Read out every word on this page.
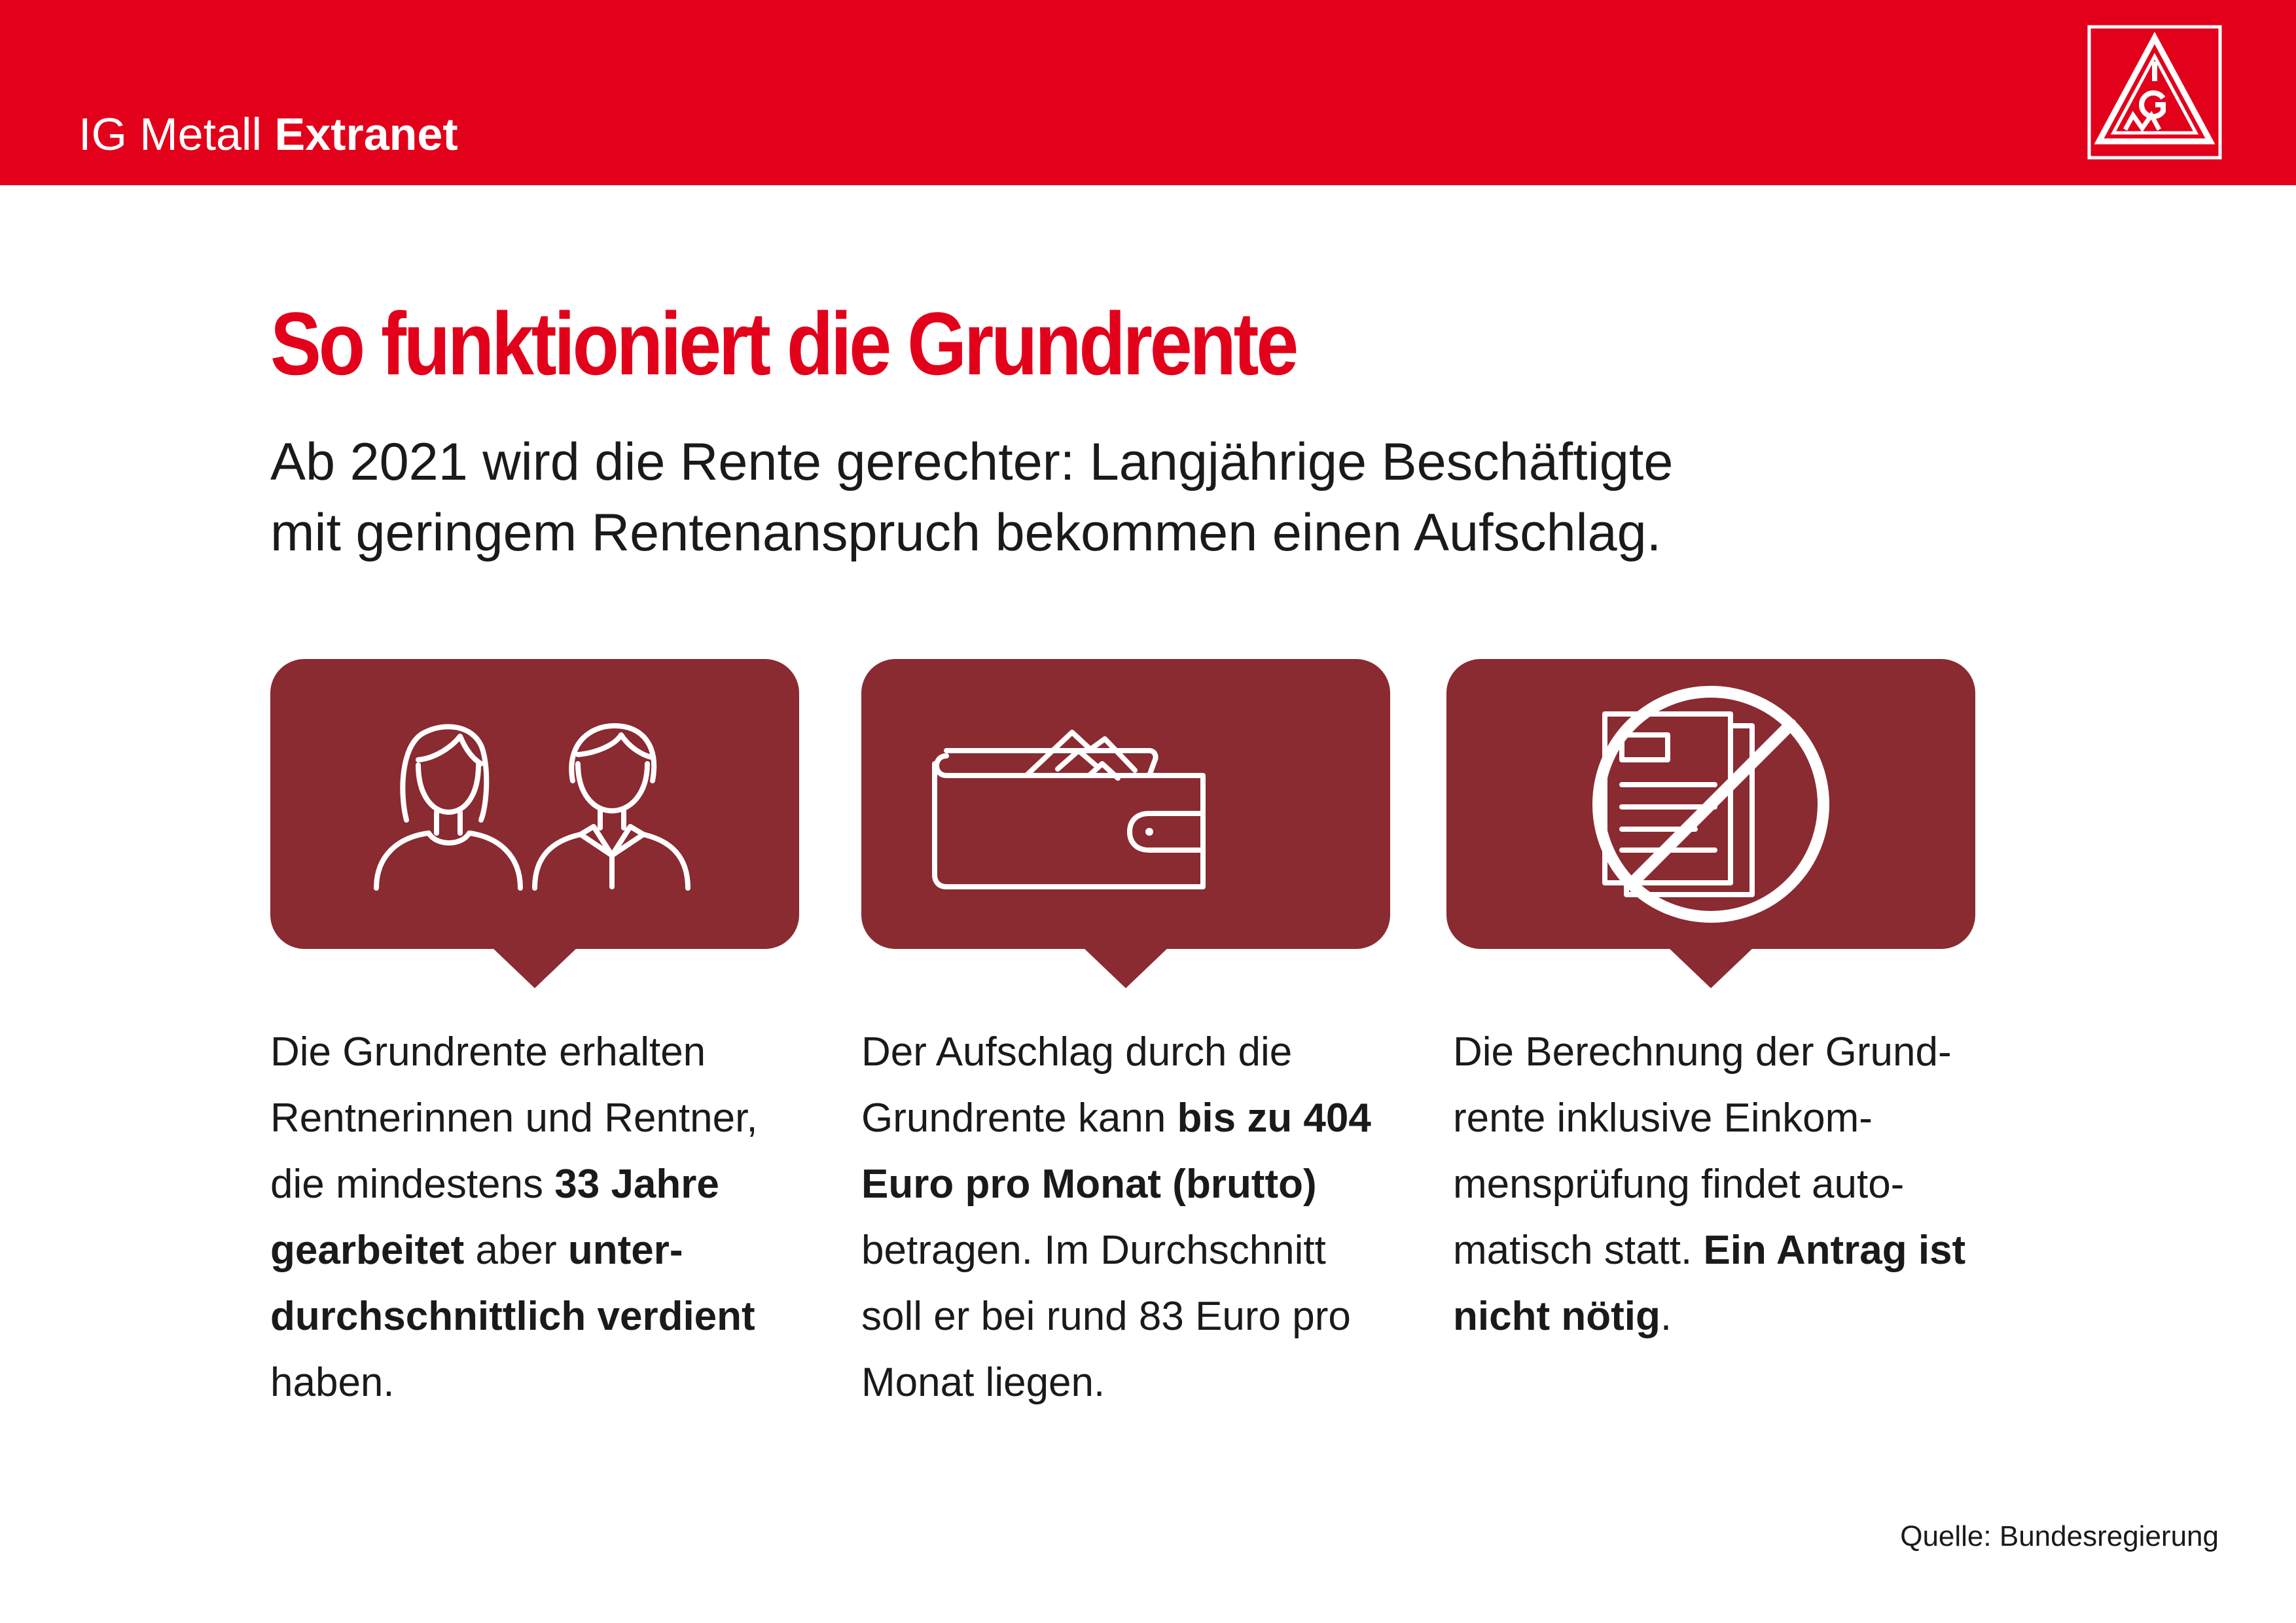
IG Metall Extranet
So funktioniert die Grundrente
Ab 2021 wird die Rente gerechter: Langjährige Beschäftigte
mit geringem Rentenanspruch bekommen einen Aufschlag.
Die Grundrente erhalten
Rentnerinnen und Rentner,
die mindestens 33 Jahre
gearbeitet aber unter-
durchschnittlich verdient
haben.
Der Aufschlag durch die
Grundrente kann bis zu 404
Euro pro Monat (brutto)
betragen. Im Durchschnitt
soll er bei rund 83 Euro pro
Monat liegen.
Die Berechnung der Grund-
rente inklusive Einkom-
mensprüfung findet auto-
matisch statt. Ein Antrag ist
nicht nötig.
Quelle: Bundesregierung
